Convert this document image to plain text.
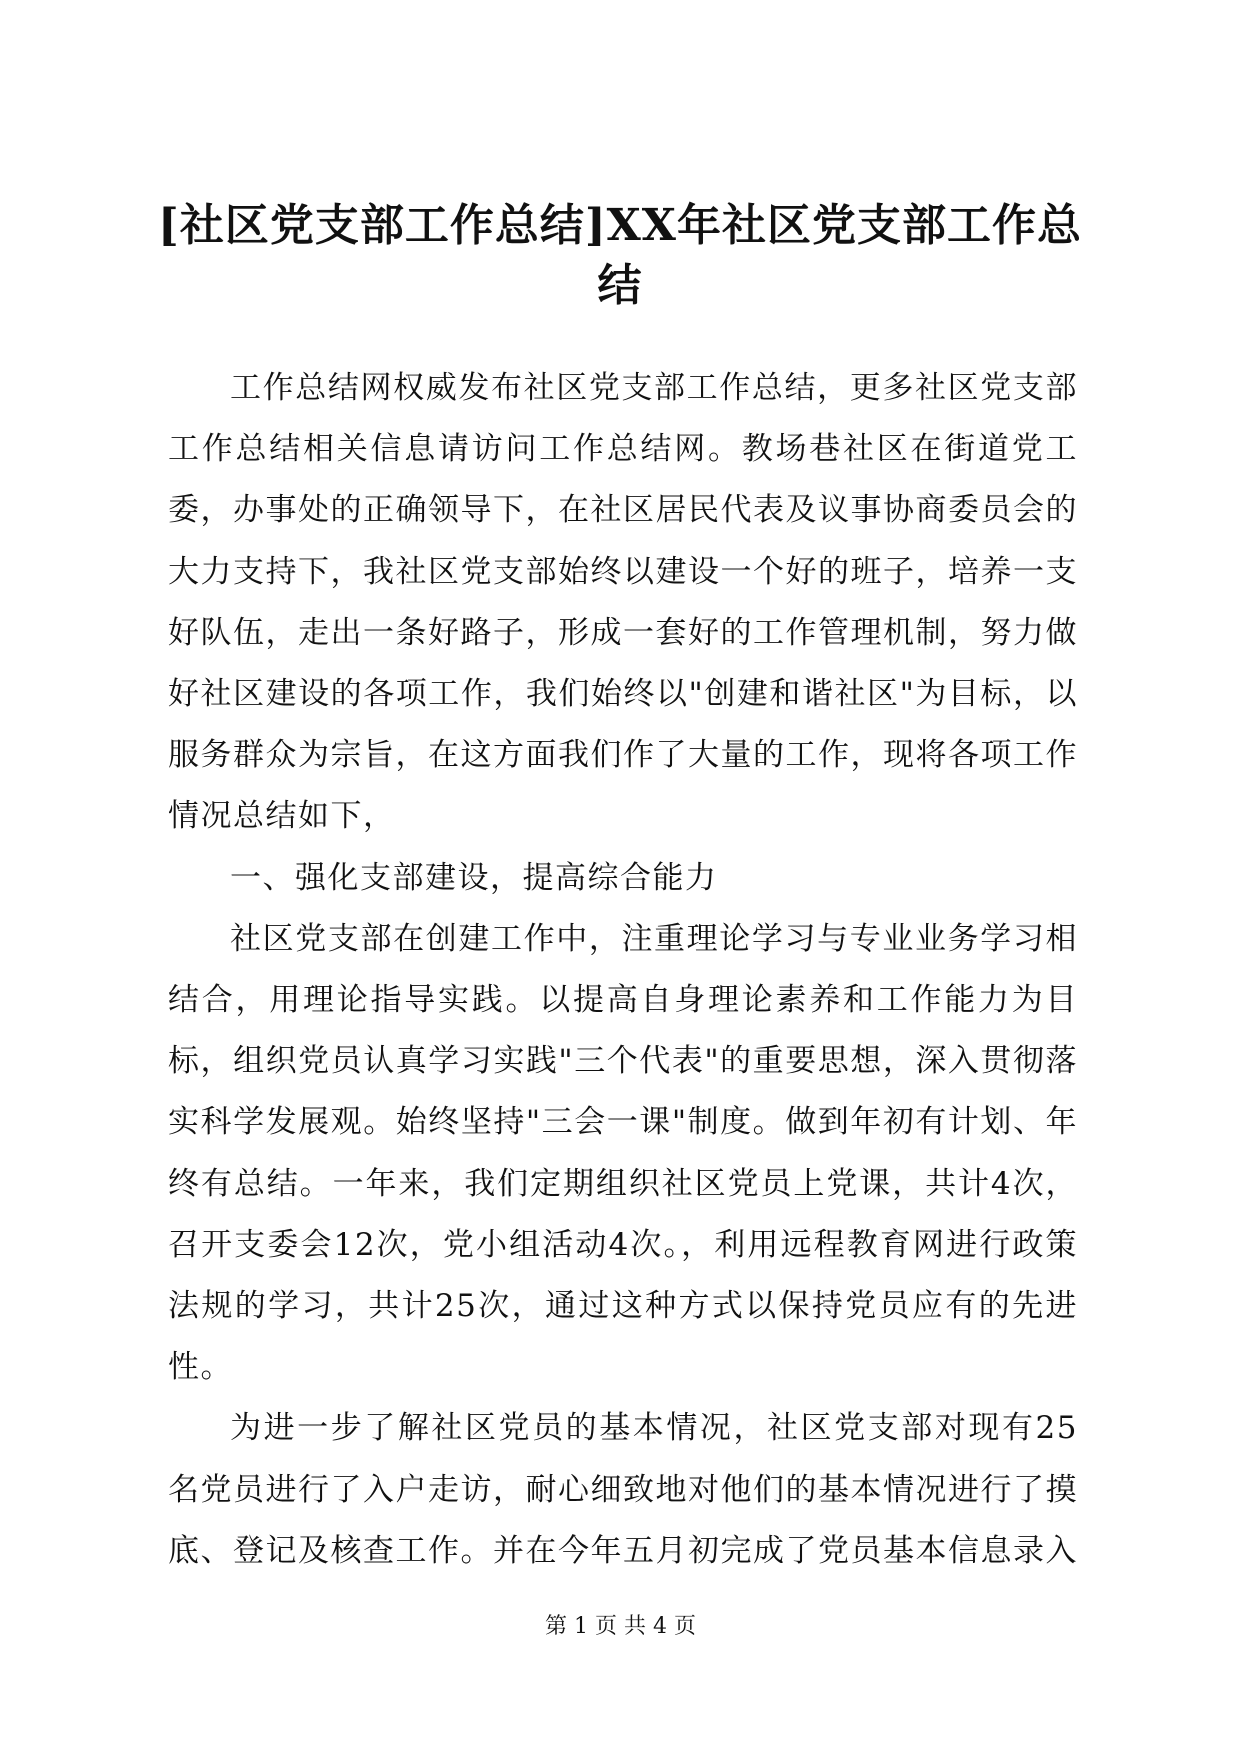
[社区党支部工作总结]XX年社区党支部工作总结

工作总结网权威发布社区党支部工作总结，更多社区党支部工作总结相关信息请访问工作总结网。教场巷社区在街道党工委，办事处的正确领导下，在社区居民代表及议事协商委员会的大力支持下，我社区党支部始终以建设一个好的班子，培养一支好队伍，走出一条好路子，形成一套好的工作管理机制，努力做好社区建设的各项工作，我们始终以"创建和谐社区"为目标，以服务群众为宗旨，在这方面我们作了大量的工作，现将各项工作情况总结如下，

一、强化支部建设，提高综合能力

社区党支部在创建工作中，注重理论学习与专业业务学习相结合，用理论指导实践。以提高自身理论素养和工作能力为目标，组织党员认真学习实践"三个代表"的重要思想，深入贯彻落实科学发展观。始终坚持"三会一课"制度。做到年初有计划、年终有总结。一年来，我们定期组织社区党员上党课，共计4次，召开支委会12次，党小组活动4次。，利用远程教育网进行政策法规的学习，共计25次，通过这种方式以保持党员应有的先进性。

为进一步了解社区党员的基本情况，社区党支部对现有25名党员进行了入户走访，耐心细致地对他们的基本情况进行了摸底、登记及核查工作。并在今年五月初完成了党员基本信息录入

第 1 页 共 4 页
